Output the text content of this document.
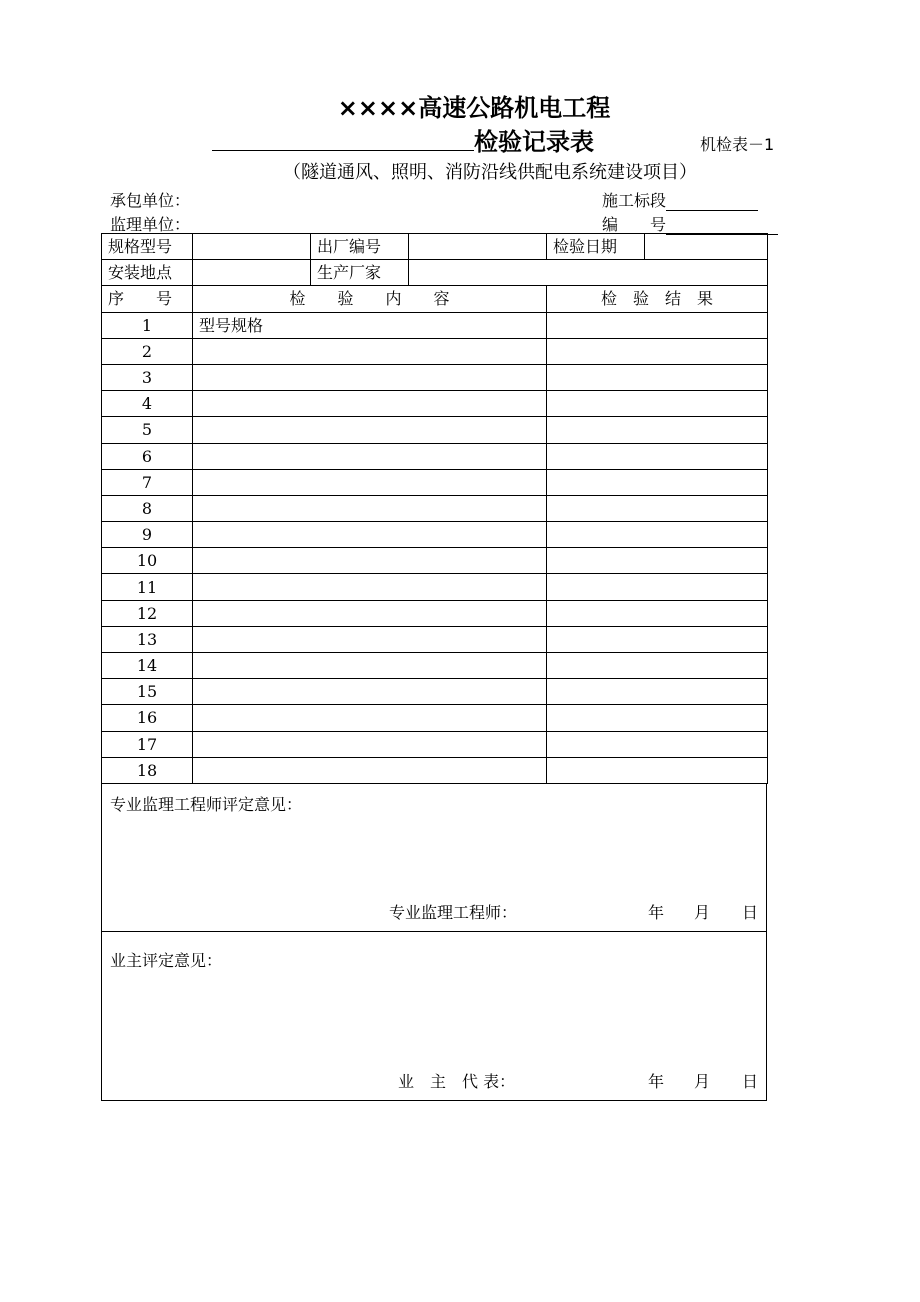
××××高速公路机电工程
检验记录表	机检表－1
（隧道通风、照明、消防沿线供配电系统建设项目）
承包单位：
监理单位：
施工标段
编　　号
规格型号		出厂编号		检验日期	
安装地点		生产厂家			
序　　号	检　　验　　内　　容			检　验　结　果	
1	型号规格				
2					
3					
4					
5					
6					
7					
8					
9					
10					
11					
12					
13					
14					
15					
16					
17					
18					
专业监理工程师评定意见：
专业监理工程师：	年 月 日
业主评定意见：
业　主　代 表：	年 月 日
